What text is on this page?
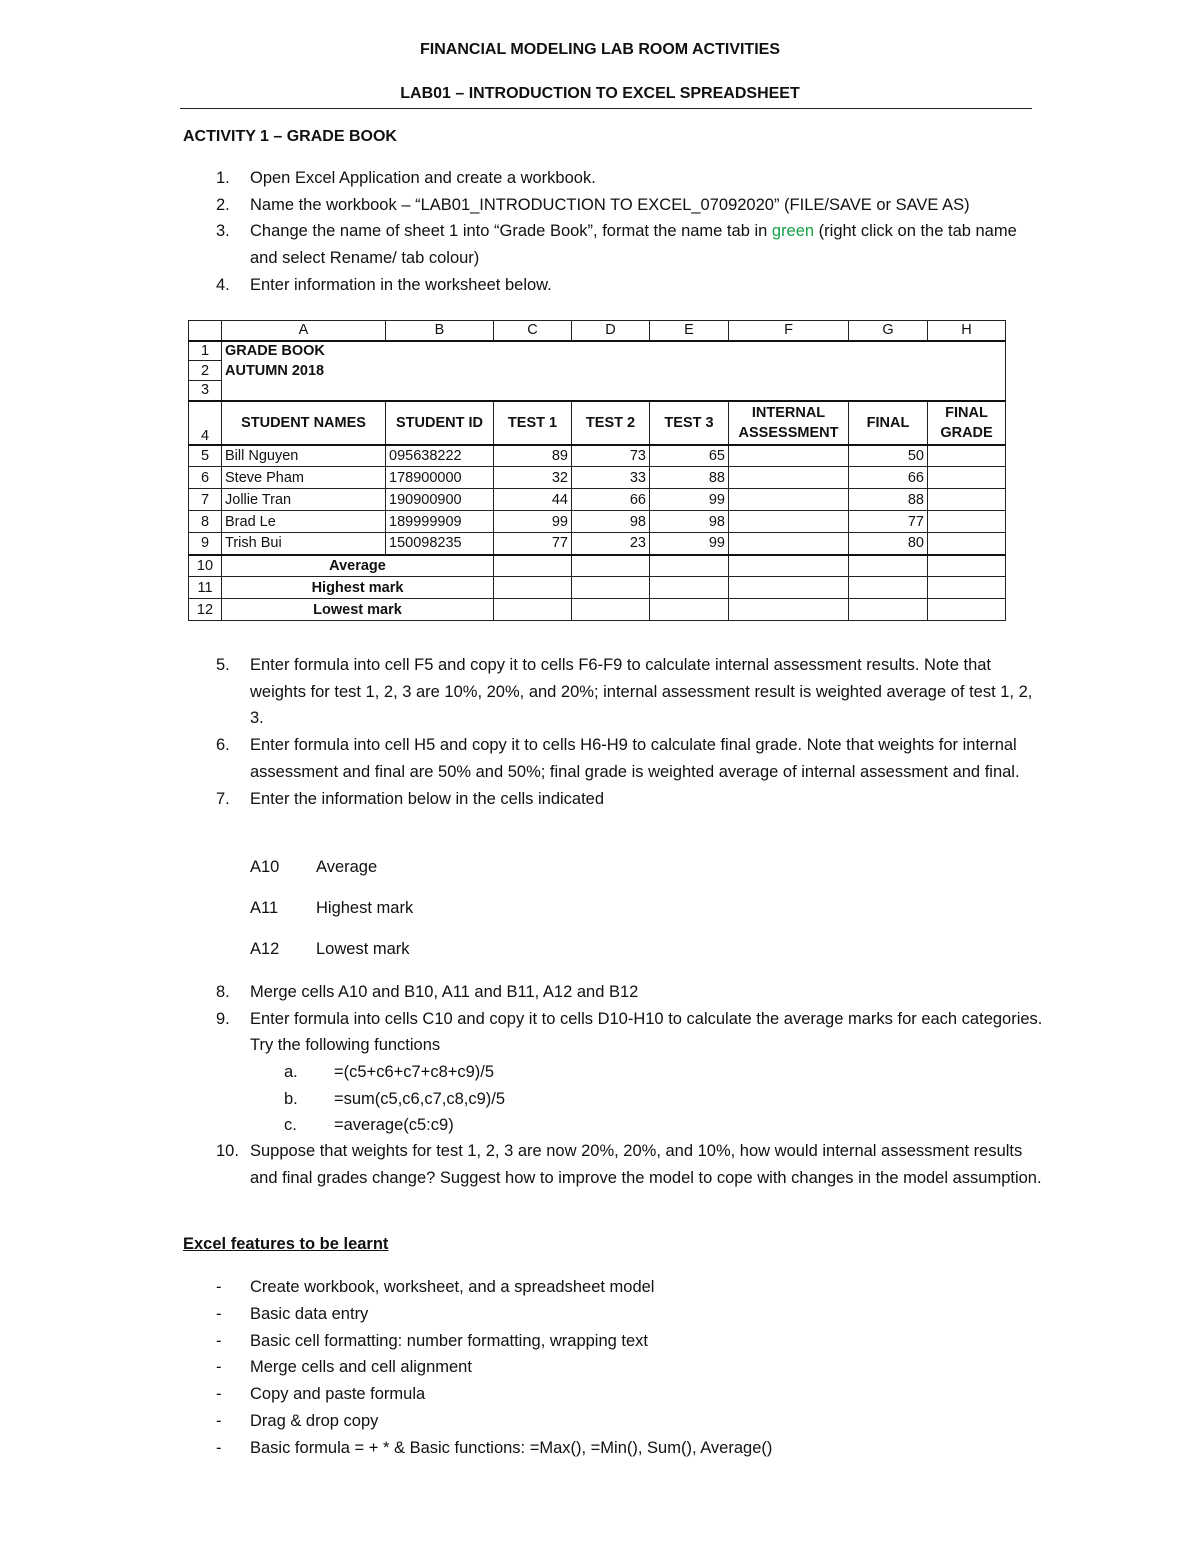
FINANCIAL MODELING LAB ROOM ACTIVITIES
LAB01 – INTRODUCTION TO EXCEL SPREADSHEET
ACTIVITY 1 – GRADE BOOK
1.	Open Excel Application and create a workbook.
2.	Name the workbook – “LAB01_INTRODUCTION TO EXCEL_07092020” (FILE/SAVE or SAVE AS)
3.	Change the name of sheet 1 into “Grade Book”, format the name tab in green (right click on the tab name and select Rename/ tab colour)
4.	Enter information in the worksheet below.
	A	B	C	D	E	F	G	H
1	GRADE BOOK							
2	AUTUMN 2018							
3								
4	STUDENT NAMES	STUDENT ID	TEST 1	TEST 2	TEST 3	INTERNAL ASSESSMENT	FINAL	FINAL GRADE
5	Bill Nguyen	095638222	89	73	65		50	
6	Steve Pham	178900000	32	33	88		66	
7	Jollie Tran	190900900	44	66	99		88	
8	Brad Le	189999909	99	98	98		77	
9	Trish Bui	150098235	77	23	99		80	
10	Average							
11	Highest mark							
12	Lowest mark							
5.	Enter formula into cell F5 and copy it to cells F6-F9 to calculate internal assessment results. Note that weights for test 1, 2, 3 are 10%, 20%, and 20%; internal assessment result is weighted average of test 1, 2, 3.
6.	Enter formula into cell H5 and copy it to cells H6-H9 to calculate final grade. Note that weights for internal assessment and final are 50% and 50%; final grade is weighted average of internal assessment and final.
7.	Enter the information below in the cells indicated
A10	Average
A11	Highest mark
A12	Lowest mark
8.	Merge cells A10 and B10, A11 and B11, A12 and B12
9.	Enter formula into cells C10 and copy it to cells D10-H10 to calculate the average marks for each categories. Try the following functions
a.	=(c5+c6+c7+c8+c9)/5
b.	=sum(c5,c6,c7,c8,c9)/5
c.	=average(c5:c9)
10. Suppose that weights for test 1, 2, 3 are now 20%, 20%, and 10%, how would internal assessment results and final grades change? Suggest how to improve the model to cope with changes in the model assumption.
Excel features to be learnt
-	Create workbook, worksheet, and a spreadsheet model
-	Basic data entry
-	Basic cell formatting: number formatting, wrapping text
-	Merge cells and cell alignment
-	Copy and paste formula
-	Drag & drop copy
-	Basic formula = + * & Basic functions: =Max(), =Min(), Sum(), Average()
